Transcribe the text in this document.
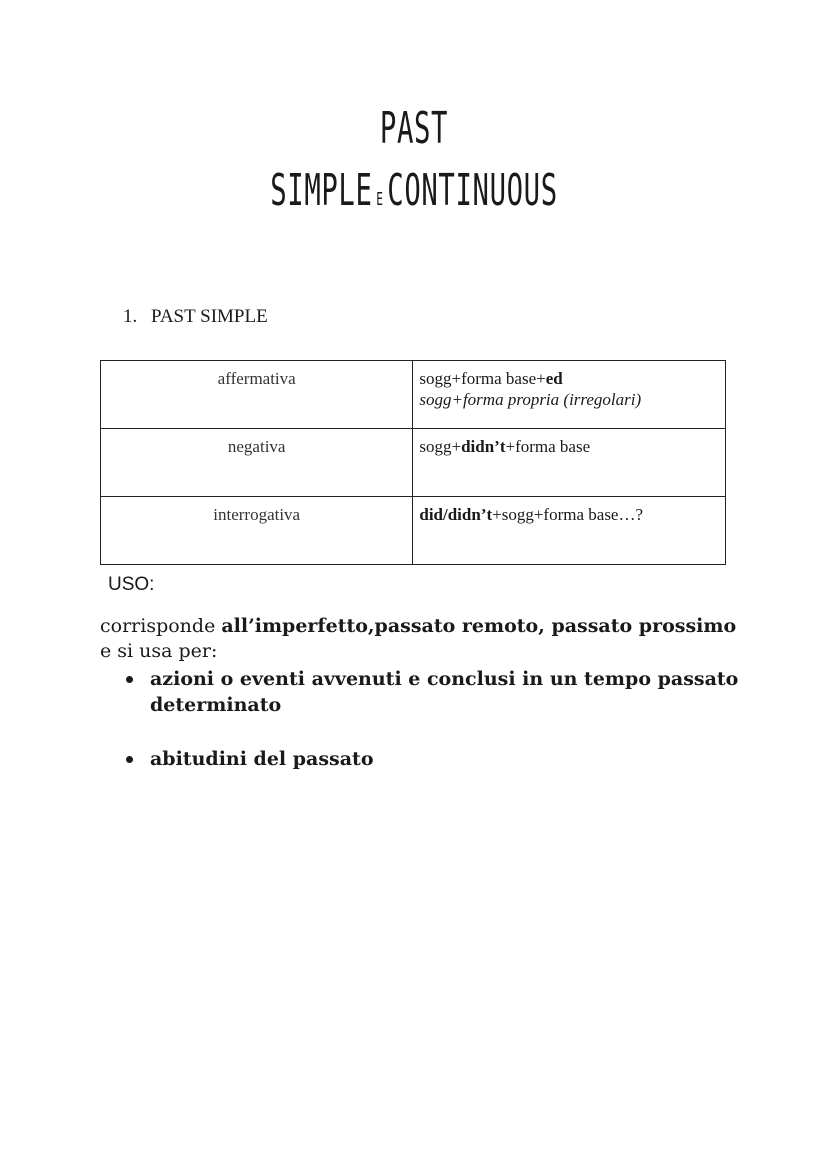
PAST
SIMPLE ECONTINUOUS
1. PAST SIMPLE
affermativa	sogg+forma base+ed
sogg+forma propria (irregolari)
negativa	sogg+didn’t+forma base
interrogativa	did/didn’t+sogg+forma base…?
USO:
corrisponde all’imperfetto,passato remoto, passato prossimo e si usa per:
azioni o eventi avvenuti e conclusi in un tempo passato determinato
abitudini del passato
